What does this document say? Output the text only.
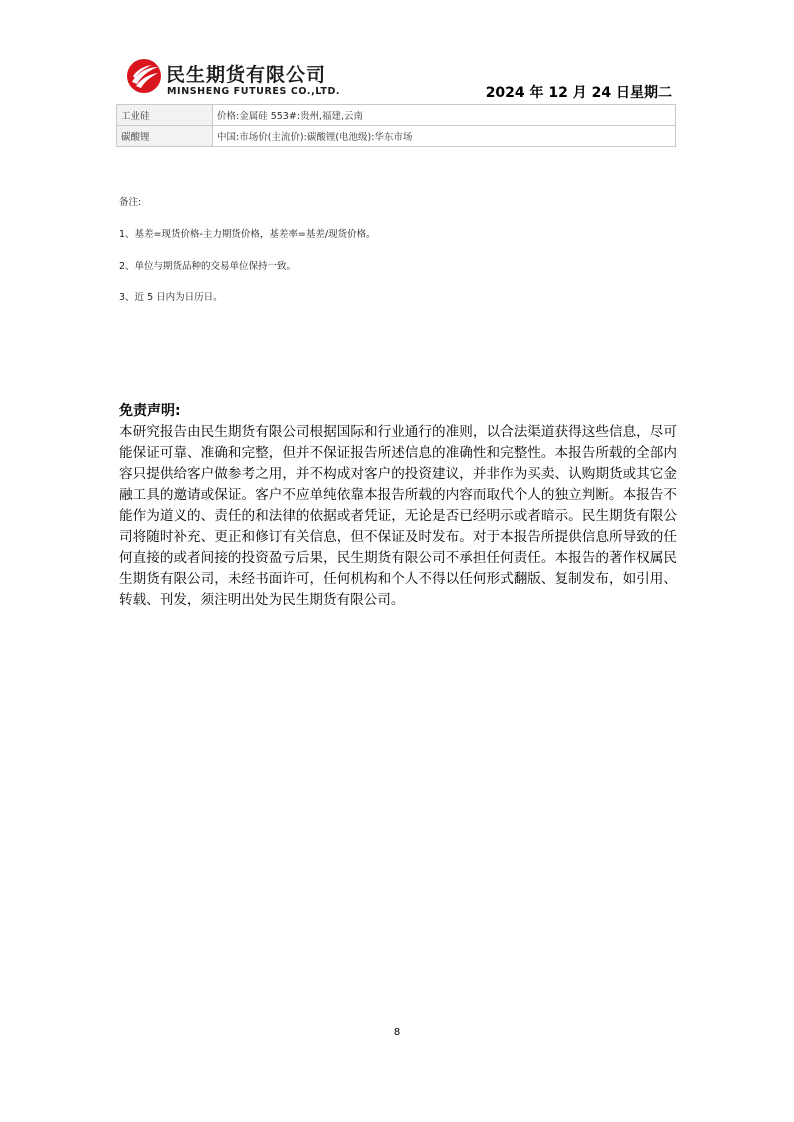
民生期货有限公司
MINSHENG FUTURES CO.,LTD.	2024 年 12 月 24 日星期二
工业硅	价格:金属硅 553#:贵州,福建,云南
碳酸锂	中国:市场价(主流价):碳酸锂(电池级):华东市场
备注:
1、基差=现货价格-主力期货价格，基差率=基差/现货价格。
2、单位与期货品种的交易单位保持一致。
3、近 5 日内为日历日。
免责声明:
本研究报告由民生期货有限公司根据国际和行业通行的准则，以合法渠道获得这些信息，尽可能保证可靠、准确和完整，但并不保证报告所述信息的准确性和完整性。本报告所载的全部内容只提供给客户做参考之用，并不构成对客户的投资建议，并非作为买卖、认购期货或其它金融工具的邀请或保证。客户不应单纯依靠本报告所载的内容而取代个人的独立判断。本报告不能作为道义的、责任的和法律的依据或者凭证，无论是否已经明示或者暗示。民生期货有限公司将随时补充、更正和修订有关信息，但不保证及时发布。对于本报告所提供信息所导致的任何直接的或者间接的投资盈亏后果，民生期货有限公司不承担任何责任。本报告的著作权属民生期货有限公司，未经书面许可，任何机构和个人不得以任何形式翻版、复制发布，如引用、转载、刊发，须注明出处为民生期货有限公司。
8
